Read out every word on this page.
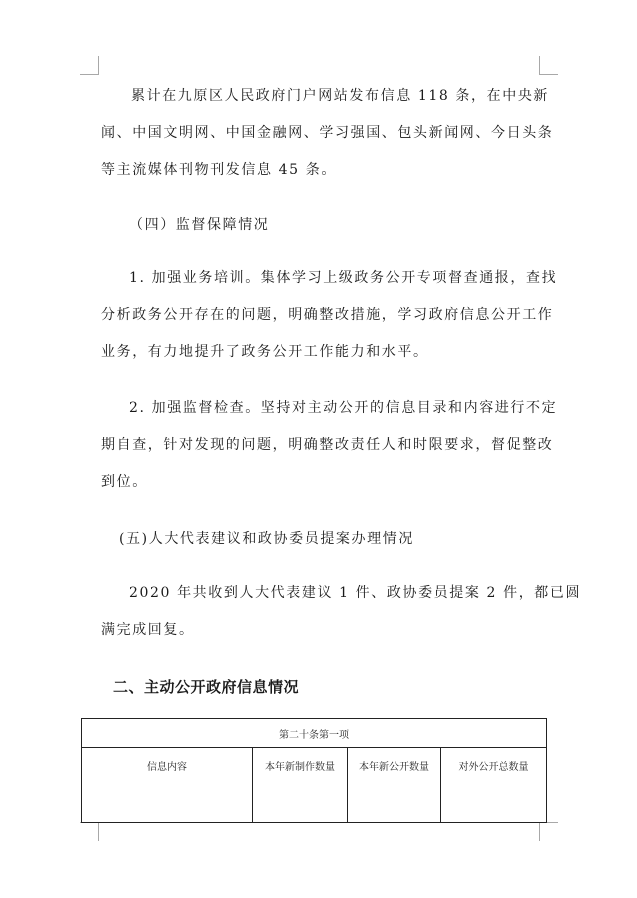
累计在九原区人民政府门户网站发布信息 118 条，在中央新
闻、中国文明网、中国金融网、学习强国、包头新闻网、今日头条
等主流媒体刊物刊发信息 45 条。
（四）监督保障情况
1. 加强业务培训。集体学习上级政务公开专项督查通报，查找
分析政务公开存在的问题，明确整改措施，学习政府信息公开工作
业务，有力地提升了政务公开工作能力和水平。
2. 加强监督检查。坚持对主动公开的信息目录和内容进行不定
期自查，针对发现的问题，明确整改责任人和时限要求，督促整改
到位。
(五)人大代表建议和政协委员提案办理情况
2020 年共收到人大代表建议 1 件、政协委员提案 2 件，都已圆
满完成回复。
二、主动公开政府信息情况
第二十条第一项
信息内容	本年新制作数量	本年新公开数量	对外公开总数量
